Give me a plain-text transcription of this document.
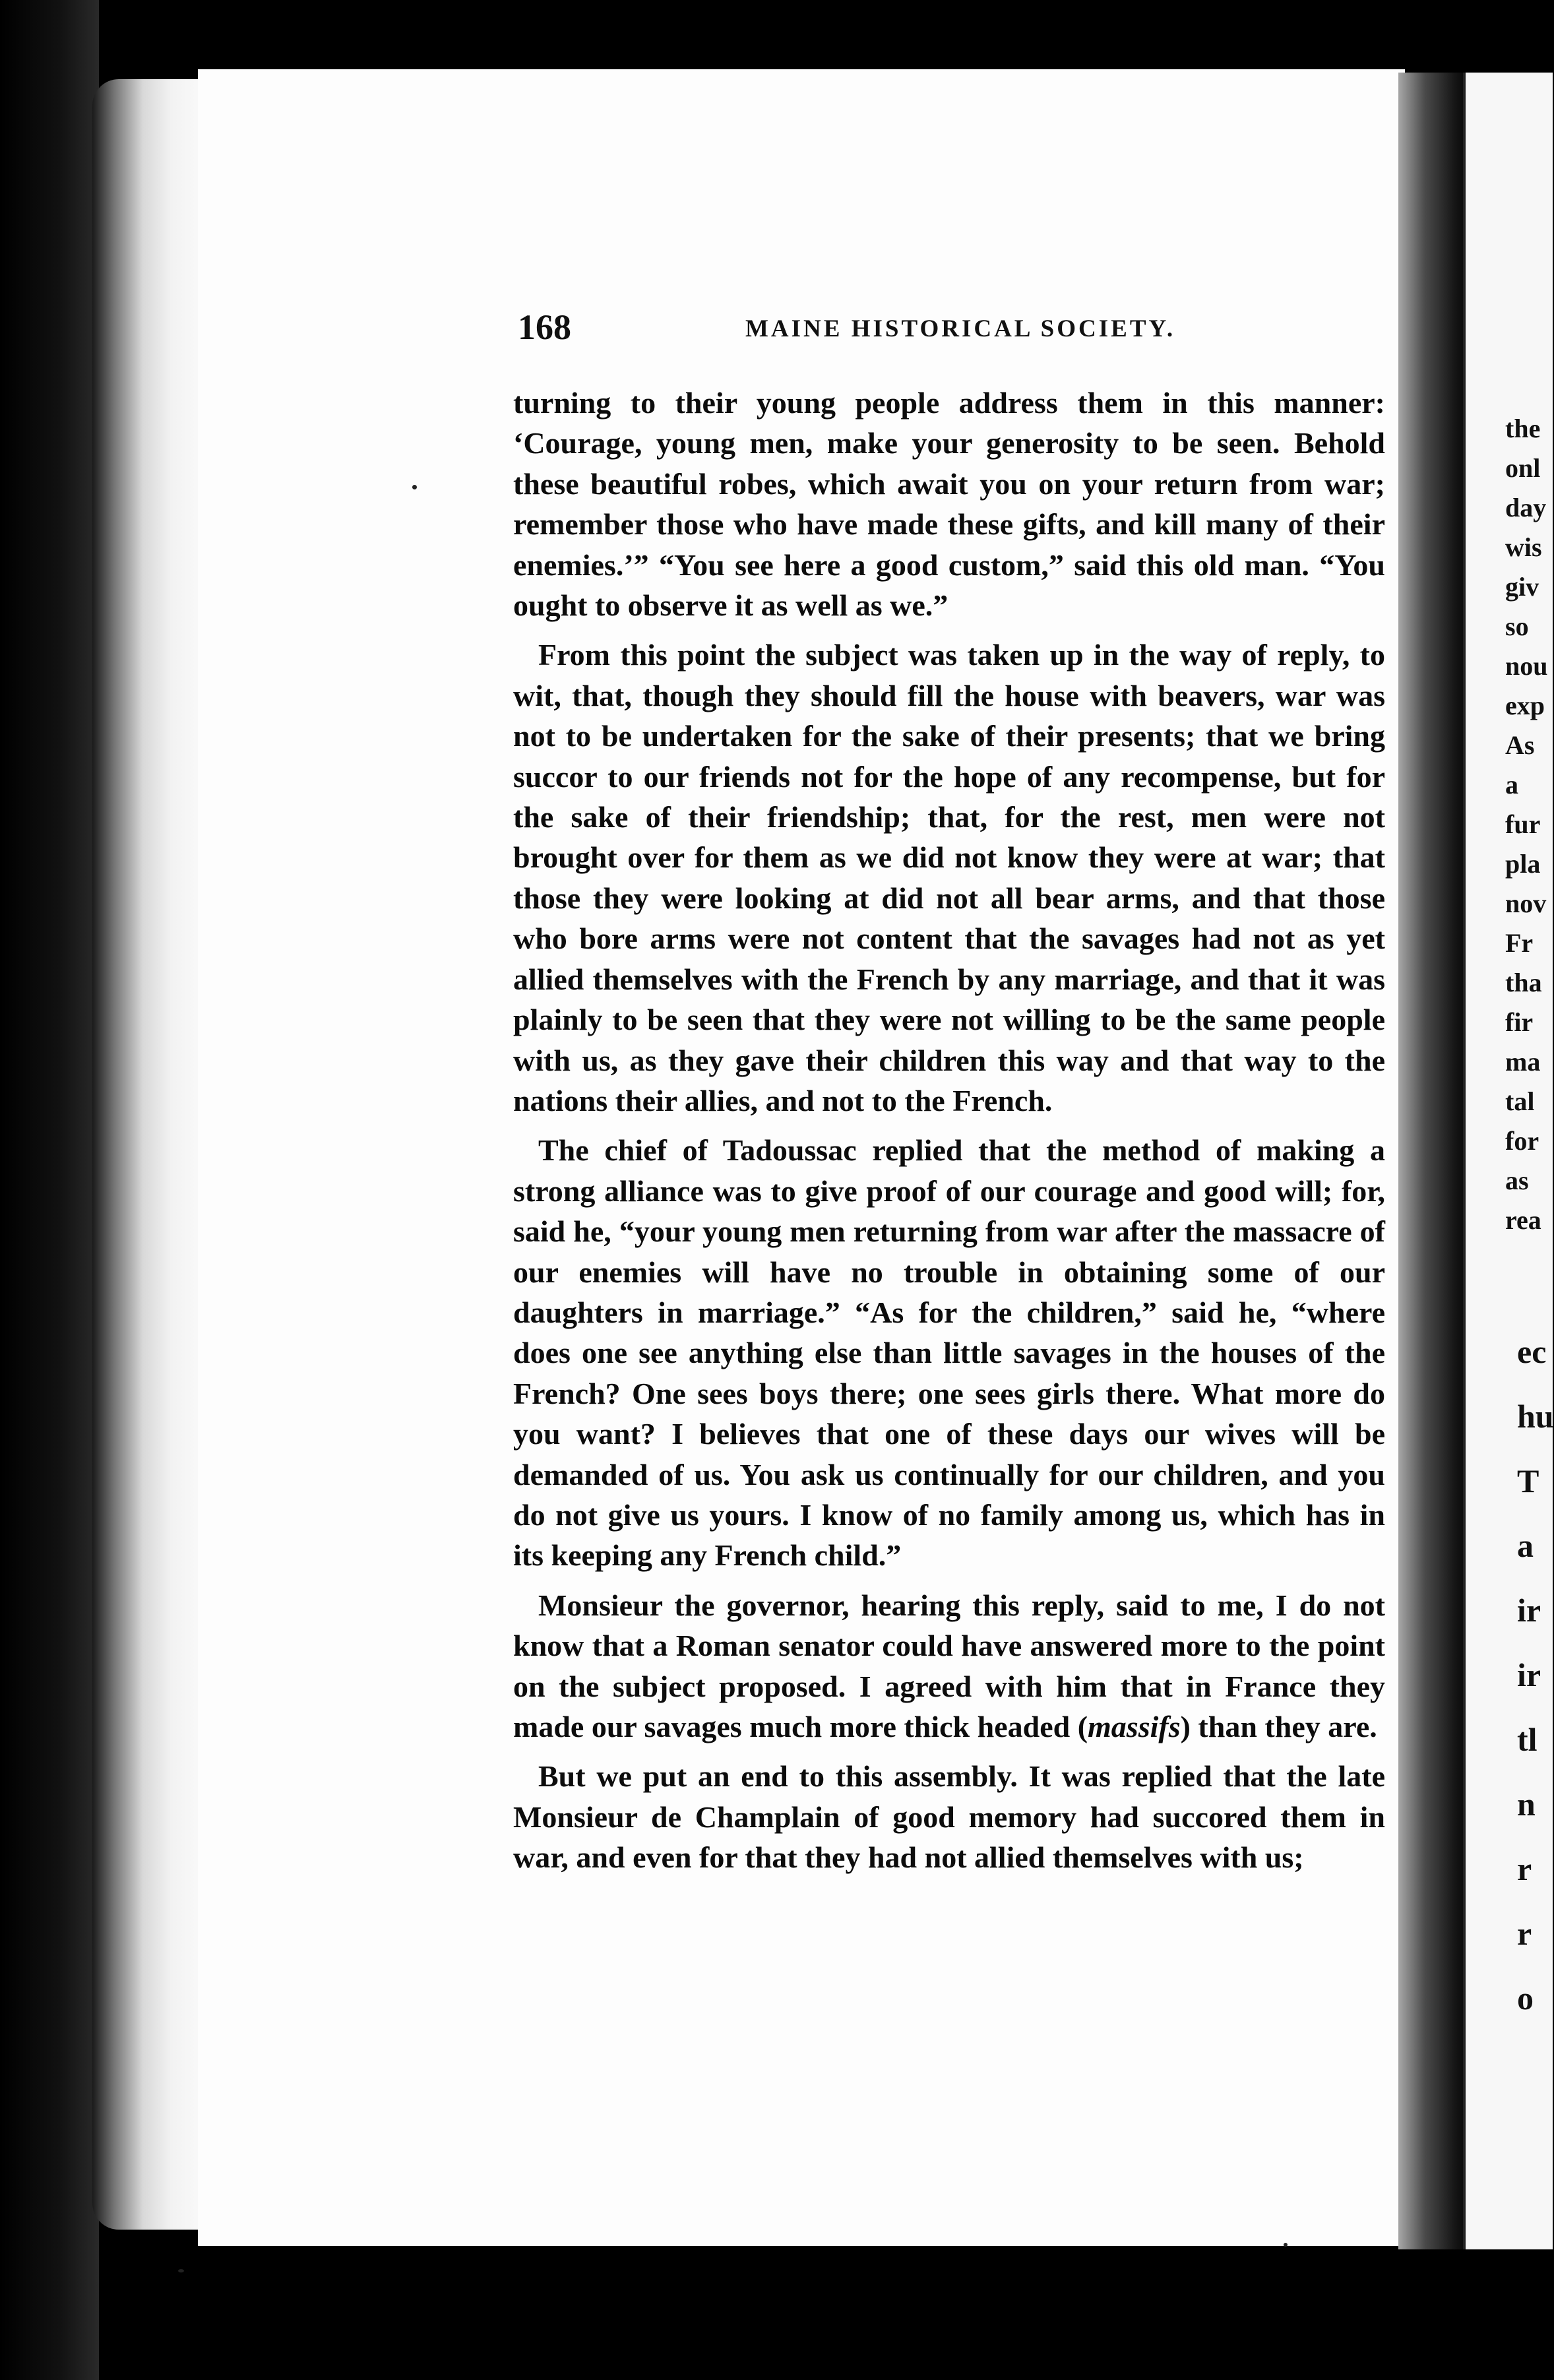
168	MAINE HISTORICAL SOCIETY.

turning to their young people address them in this manner: ‘Courage, young men, make your generosity to be seen. Behold these beautiful robes, which await you on your return from war; remember those who have made these gifts, and kill many of their enemies.’” “You see here a good custom,” said this old man. “You ought to observe it as well as we.”

From this point the subject was taken up in the way of reply, to wit, that, though they should fill the house with beavers, war was not to be undertaken for the sake of their presents; that we bring succor to our friends not for the hope of any recompense, but for the sake of their friendship; that, for the rest, men were not brought over for them as we did not know they were at war; that those they were looking at did not all bear arms, and that those who bore arms were not content that the savages had not as yet allied themselves with the French by any marriage, and that it was plainly to be seen that they were not willing to be the same people with us, as they gave their children this way and that way to the nations their allies, and not to the French.

The chief of Tadoussac replied that the method of making a strong alliance was to give proof of our courage and good will; for, said he, “your young men returning from war after the massacre of our enemies will have no trouble in obtaining some of our daughters in marriage.” “As for the children,” said he, “where does one see anything else than little savages in the houses of the French? One sees boys there; one sees girls there. What more do you want? I believes that one of these days our wives will be demanded of us. You ask us continually for our children, and you do not give us yours. I know of no family among us, which has in its keeping any French child.”

Monsieur the governor, hearing this reply, said to me, I do not know that a Roman senator could have answered more to the point on the subject proposed. I agreed with him that in France they made our savages much more thick headed (massifs) than they are.

But we put an end to this assembly. It was replied that the late Monsieur de Champlain of good memory had succored them in war, and even for that they had not allied themselves with us;

the
onl
day
wis
giv
so
nou
exp
As
a
fur
pla
nov
Fr
tha
fir
ma
tal
for
as
rea
ec
hu
T
a
ir
ir
tl
n
r
r
o
